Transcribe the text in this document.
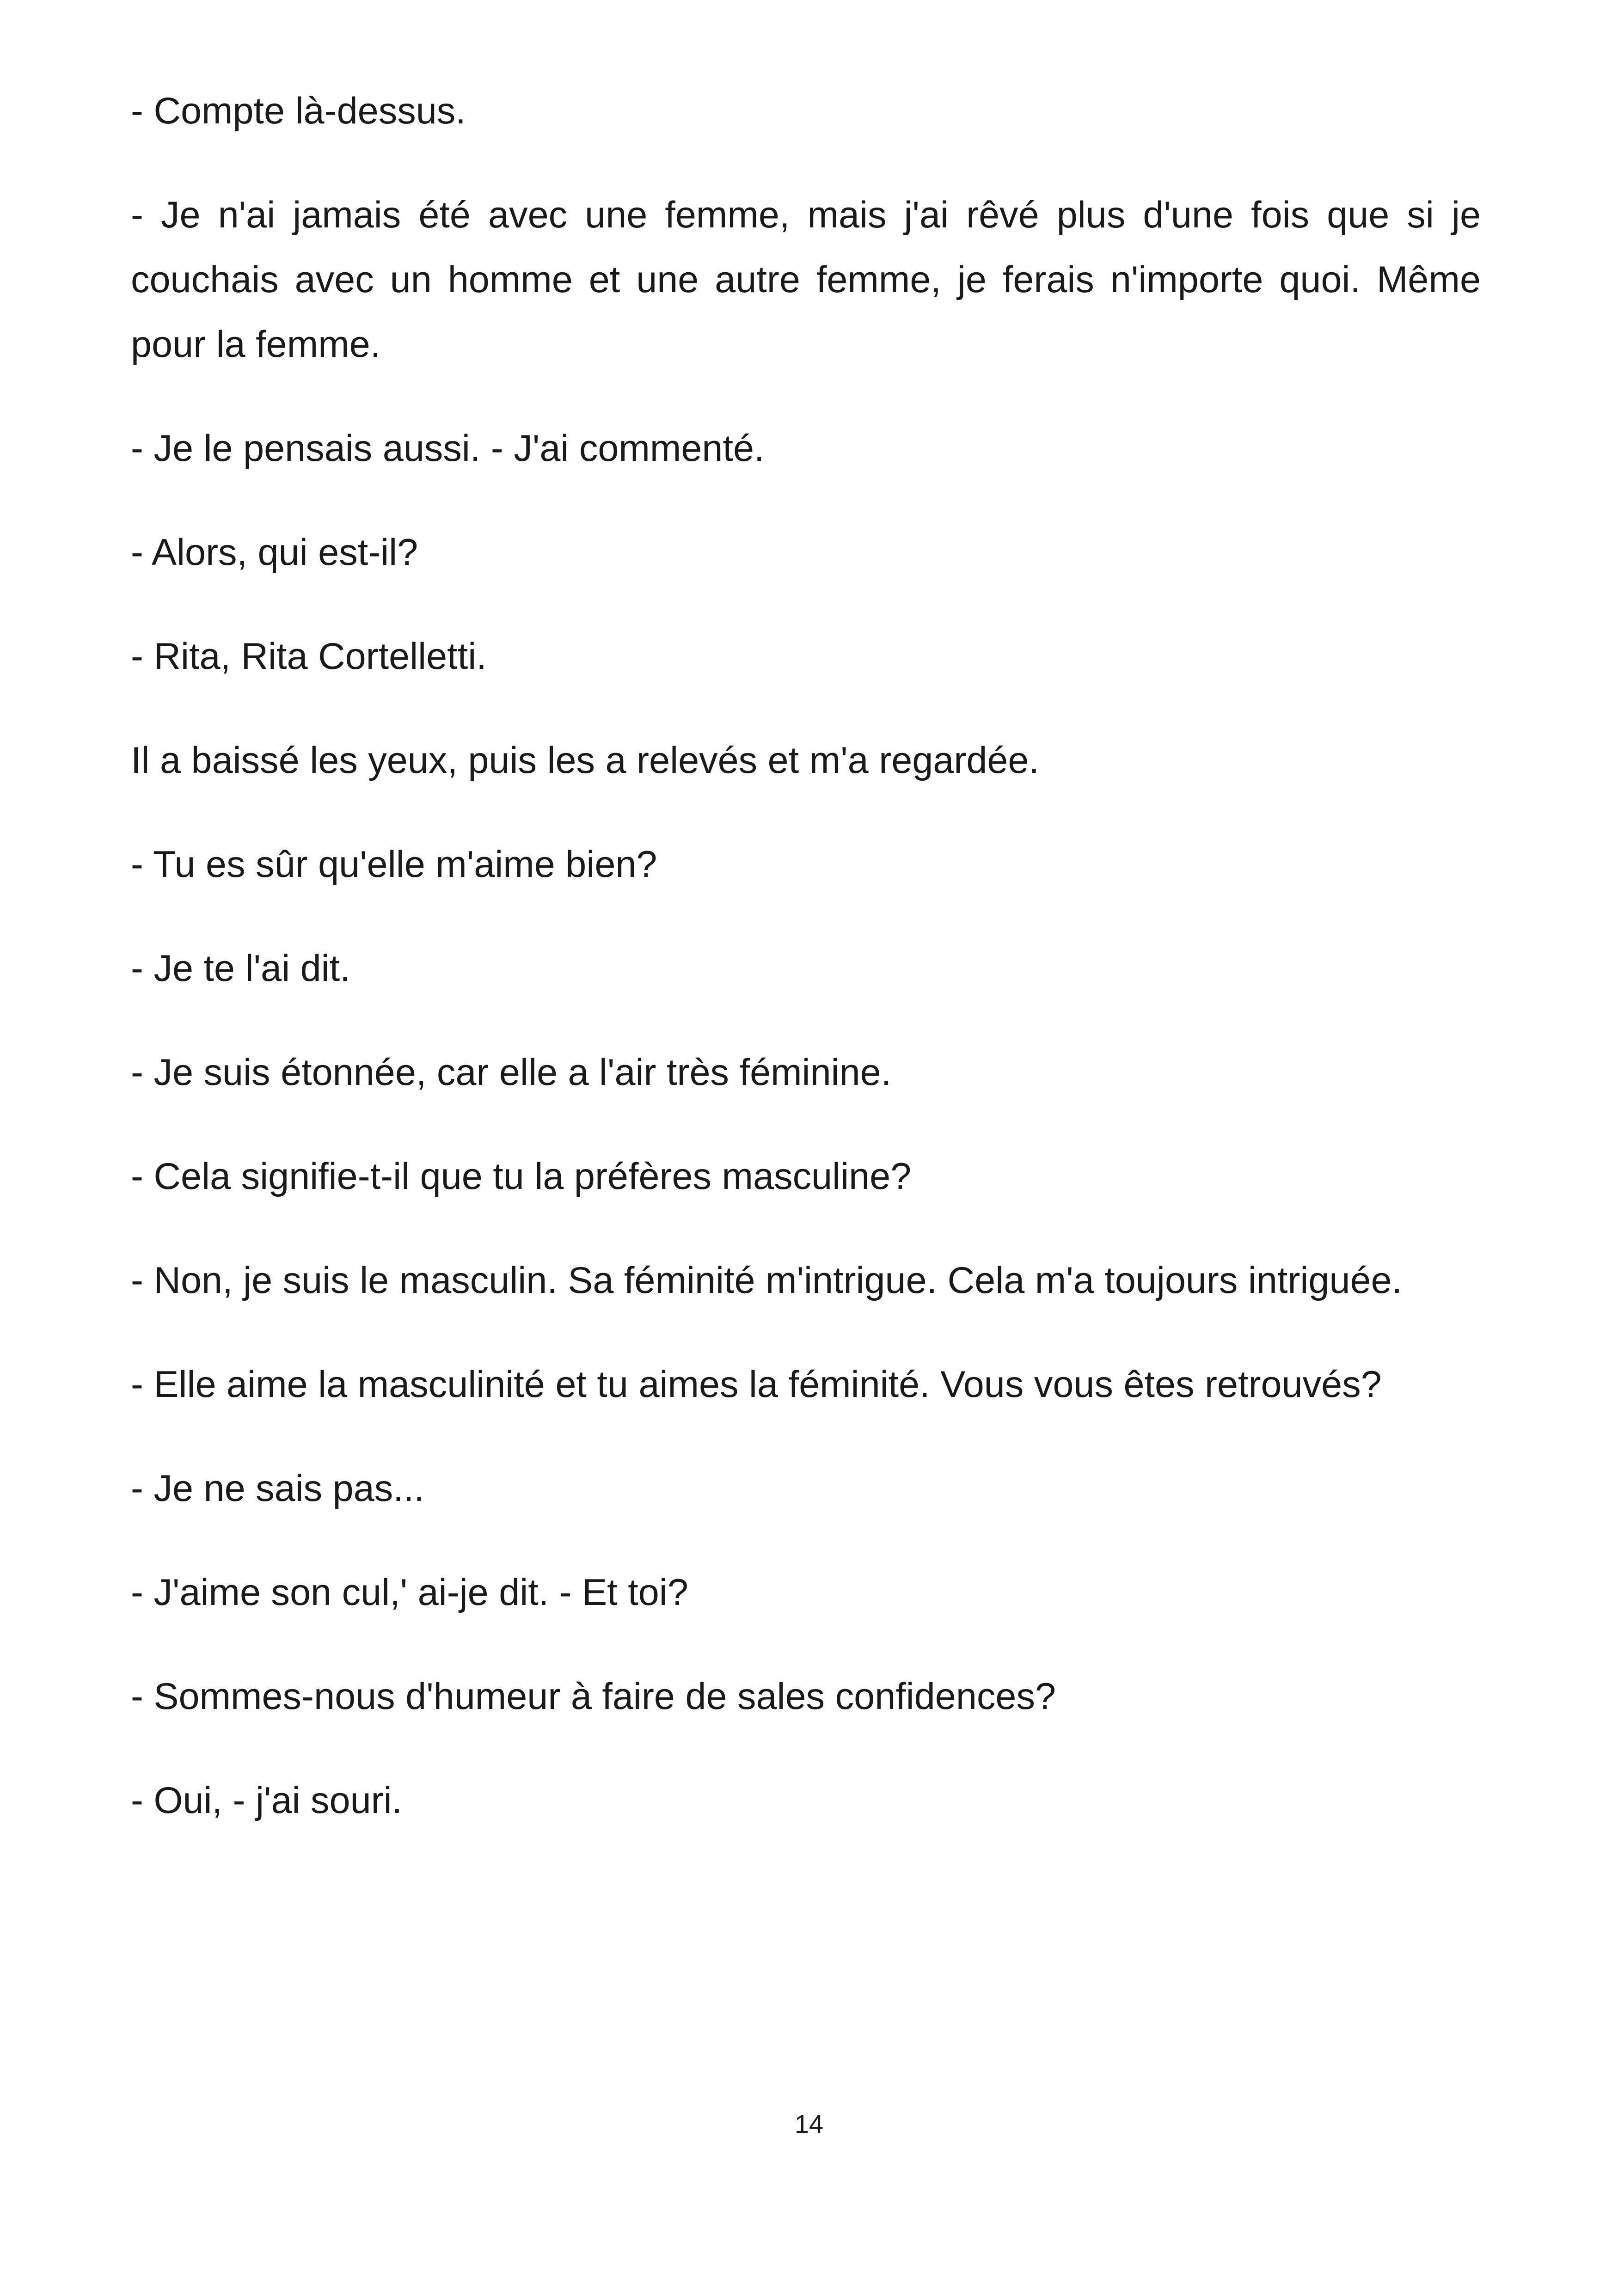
- Compte là-dessus.

- Je n'ai jamais été avec une femme, mais j'ai rêvé plus d'une fois que si je couchais avec un homme et une autre femme, je ferais n'importe quoi. Même pour la femme.

- Je le pensais aussi. - J'ai commenté.

- Alors, qui est-il?

- Rita, Rita Cortelletti.

Il a baissé les yeux, puis les a relevés et m'a regardée.

- Tu es sûr qu'elle m'aime bien?

- Je te l'ai dit.

- Je suis étonnée, car elle a l'air très féminine.

- Cela signifie-t-il que tu la préfères masculine?

- Non, je suis le masculin. Sa féminité m'intrigue. Cela m'a toujours intriguée.

- Elle aime la masculinité et tu aimes la féminité. Vous vous êtes retrouvés?

- Je ne sais pas...

- J'aime son cul,' ai-je dit. - Et toi?

- Sommes-nous d'humeur à faire de sales confidences?

- Oui, - j'ai souri.

14
